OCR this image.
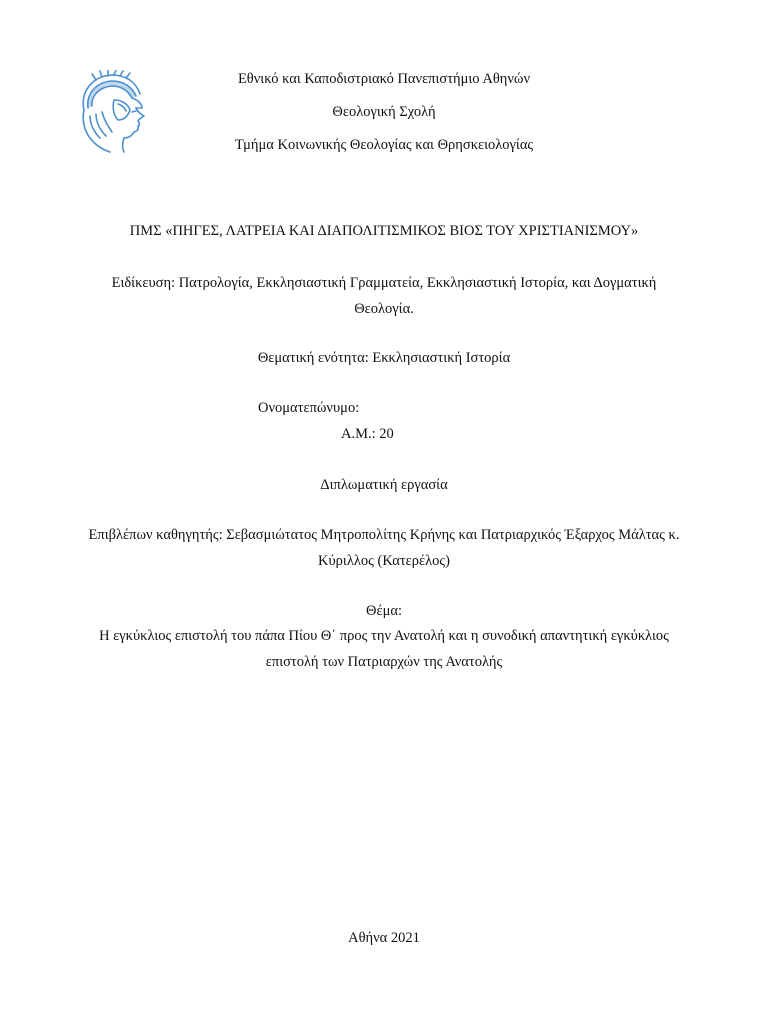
Εθνικό και Καποδιστριακό Πανεπιστήμιο Αθηνών
Θεολογική Σχολή
Τμήμα Κοινωνικής Θεολογίας και Θρησκειολογίας
ΠΜΣ «ΠΗΓΕΣ, ΛΑΤΡΕΙΑ ΚΑΙ ΔΙΑΠΟΛΙΤΙΣΜΙΚΟΣ ΒΙΟΣ ΤΟΥ ΧΡΙΣΤΙΑΝΙΣΜΟΥ»
Ειδίκευση: Πατρολογία, Εκκλησιαστική Γραμματεία, Εκκλησιαστική Ιστορία, και Δογματική
Θεολογία.
Θεματική ενότητα: Εκκλησιαστική Ιστορία
Ονοματεπώνυμο:
Α.Μ.: 20
Διπλωματική εργασία
Επιβλέπων καθηγητής: Σεβασμιώτατος Μητροπολίτης Κρήνης και Πατριαρχικός Έξαρχος Μάλτας κ.
Κύριλλος (Κατερέλος)
Θέμα:
Η εγκύκλιος επιστολή του πάπα Πίου Θ΄ προς την Ανατολή και η συνοδική απαντητική εγκύκλιος
επιστολή των Πατριαρχών της Ανατολής
Αθήνα 2021
